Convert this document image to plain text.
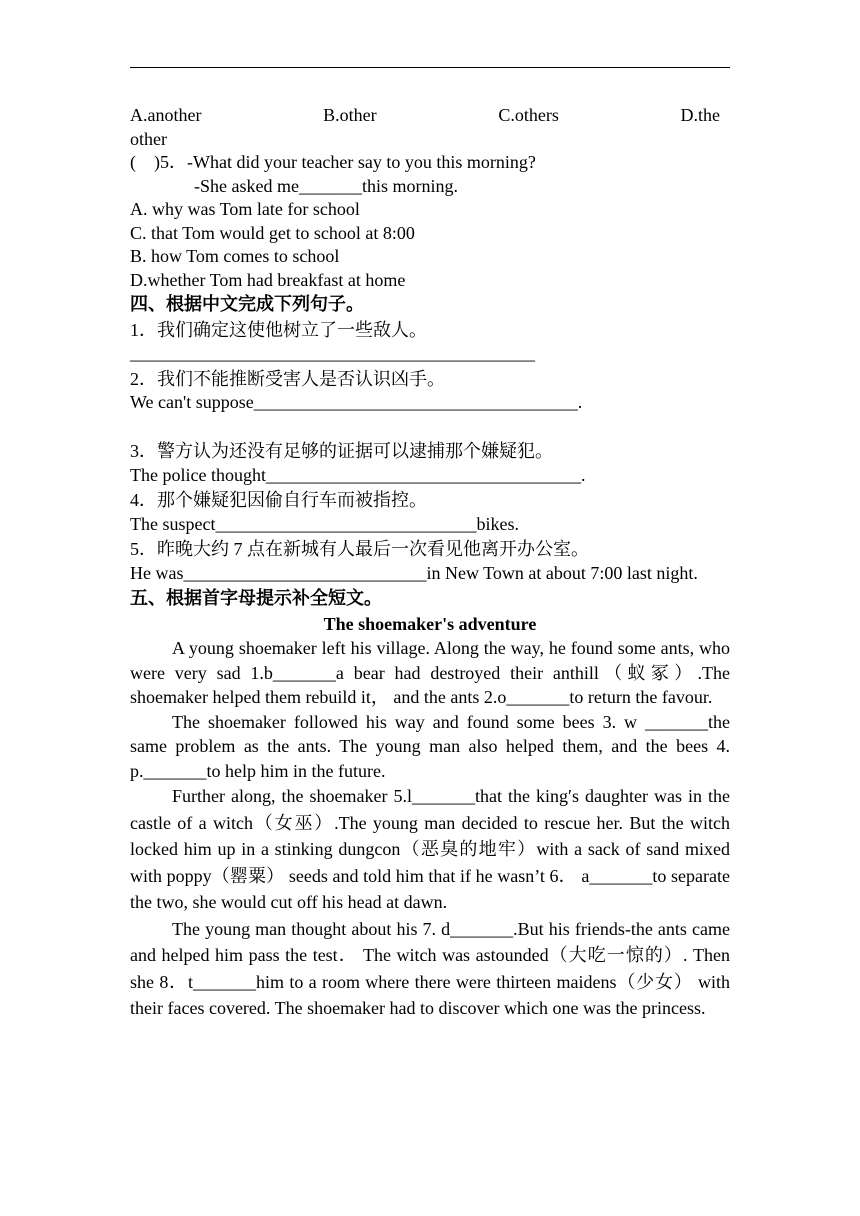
A.another	B.other	C.others	D.the
other
(    )5．-What did your teacher say to you this morning?
-She asked me_______this morning.
A. why was Tom late for school
C. that Tom would get to school at 8:00
B. how Tom comes to school
D.whether Tom had breakfast at home
四、根据中文完成下列句子。
1．我们确定这使他树立了一些敌人。
_____________________________________________
2．我们不能推断受害人是否认识凶手。
We can't suppose____________________________________.
3．警方认为还没有足够的证据可以逮捕那个嫌疑犯。
The police thought___________________________________.
4．那个嫌疑犯因偷自行车而被指控。
The suspect_____________________________bikes.
5．昨晚大约 7 点在新城有人最后一次看见他离开办公室。
He was___________________________in New Town at about 7:00 last night.
五、根据首字母提示补全短文。
The shoemaker's adventure
A young shoemaker left his village. Along the way, he found some ants, who were very sad 1.b_______a bear had destroyed their anthill（蚁冢）.The shoemaker helped them rebuild it， and the ants 2.o_______to return the favour.
The shoemaker followed his way and found some bees 3. w _______the same problem as the ants. The young man also helped them, and the bees 4. p._______to help him in the future.
Further along, the shoemaker 5.l_______that the king′s daughter was in the castle of a witch（女巫）.The young man decided to rescue her. But the witch locked him up in a stinking dungcon（恶臭的地牢）with a sack of sand mixed with poppy（罂粟） seeds and told him that if he wasn’t 6． a_______to separate the two, she would cut off his head at dawn.
The young man thought about his 7. d_______.But his friends-the ants came and helped him pass the test． The witch was astounded（大吃一惊的）. Then she 8．t_______him to a room where there were thirteen maidens（少女） with their faces covered. The shoemaker had to discover which one was the princess.
